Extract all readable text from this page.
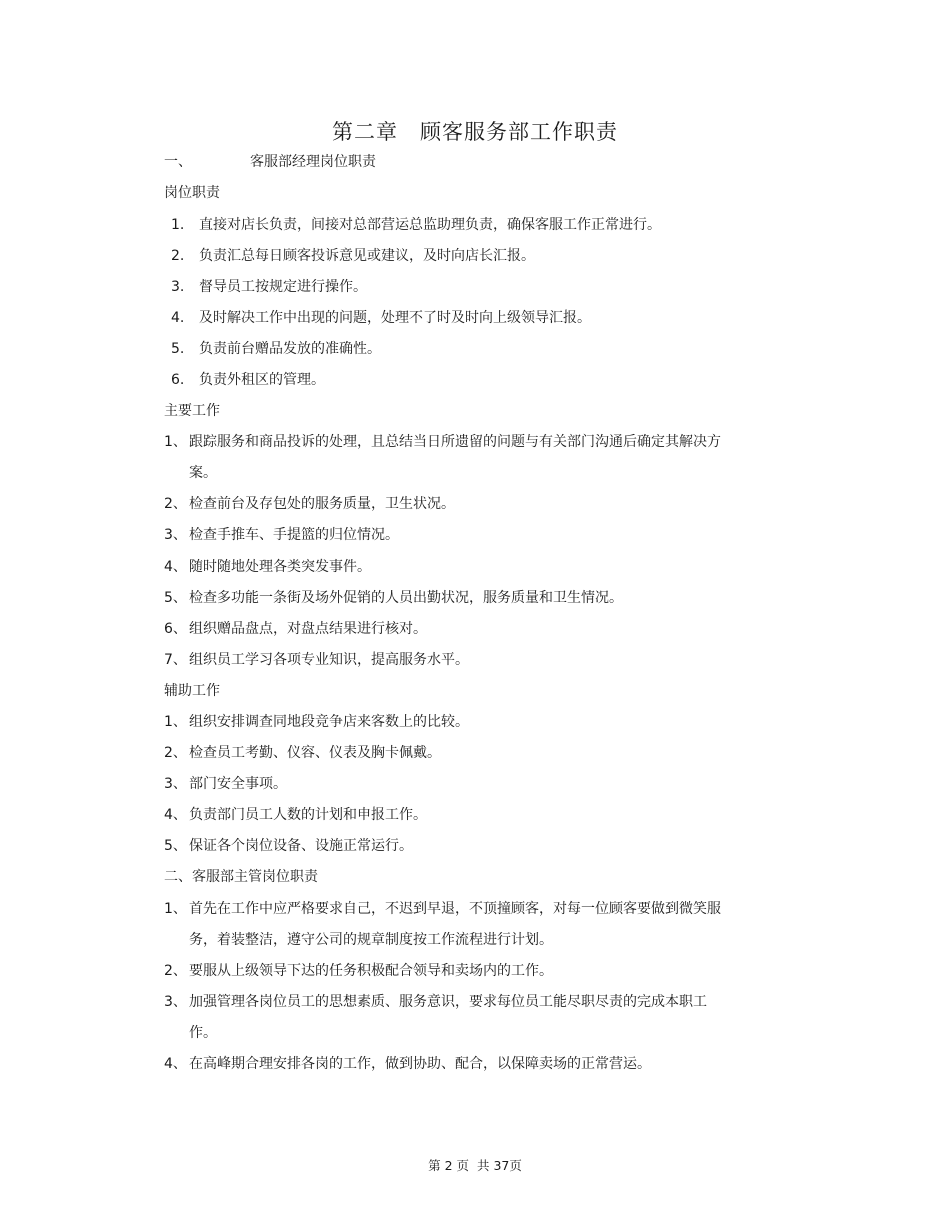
第二章 顾客服务部工作职责
一、	客服部经理岗位职责
岗位职责
1. 直接对店长负责，间接对总部营运总监助理负责，确保客服工作正常进行。
2. 负责汇总每日顾客投诉意见或建议，及时向店长汇报。
3. 督导员工按规定进行操作。
4. 及时解决工作中出现的问题，处理不了时及时向上级领导汇报。
5. 负责前台赠品发放的准确性。
6. 负责外租区的管理。
主要工作
1、 跟踪服务和商品投诉的处理，且总结当日所遗留的问题与有关部门沟通后确定其解决方
案。
2、 检查前台及存包处的服务质量，卫生状况。
3、 检查手推车、手提篮的归位情况。
4、 随时随地处理各类突发事件。
5、 检查多功能一条街及场外促销的人员出勤状况，服务质量和卫生情况。
6、 组织赠品盘点，对盘点结果进行核对。
7、 组织员工学习各项专业知识，提高服务水平。
辅助工作
1、 组织安排调查同地段竞争店来客数上的比较。
2、 检查员工考勤、仪容、仪表及胸卡佩戴。
3、 部门安全事项。
4、 负责部门员工人数的计划和申报工作。
5、 保证各个岗位设备、设施正常运行。
二、客服部主管岗位职责
1、 首先在工作中应严格要求自己，不迟到早退，不顶撞顾客，对每一位顾客要做到微笑服
务，着装整洁，遵守公司的规章制度按工作流程进行计划。
2、 要服从上级领导下达的任务积极配合领导和卖场内的工作。
3、 加强管理各岗位员工的思想素质、服务意识，要求每位员工能尽职尽责的完成本职工
作。
4、 在高峰期合理安排各岗的工作，做到协助、配合，以保障卖场的正常营运。
第 2 页 共 37页
